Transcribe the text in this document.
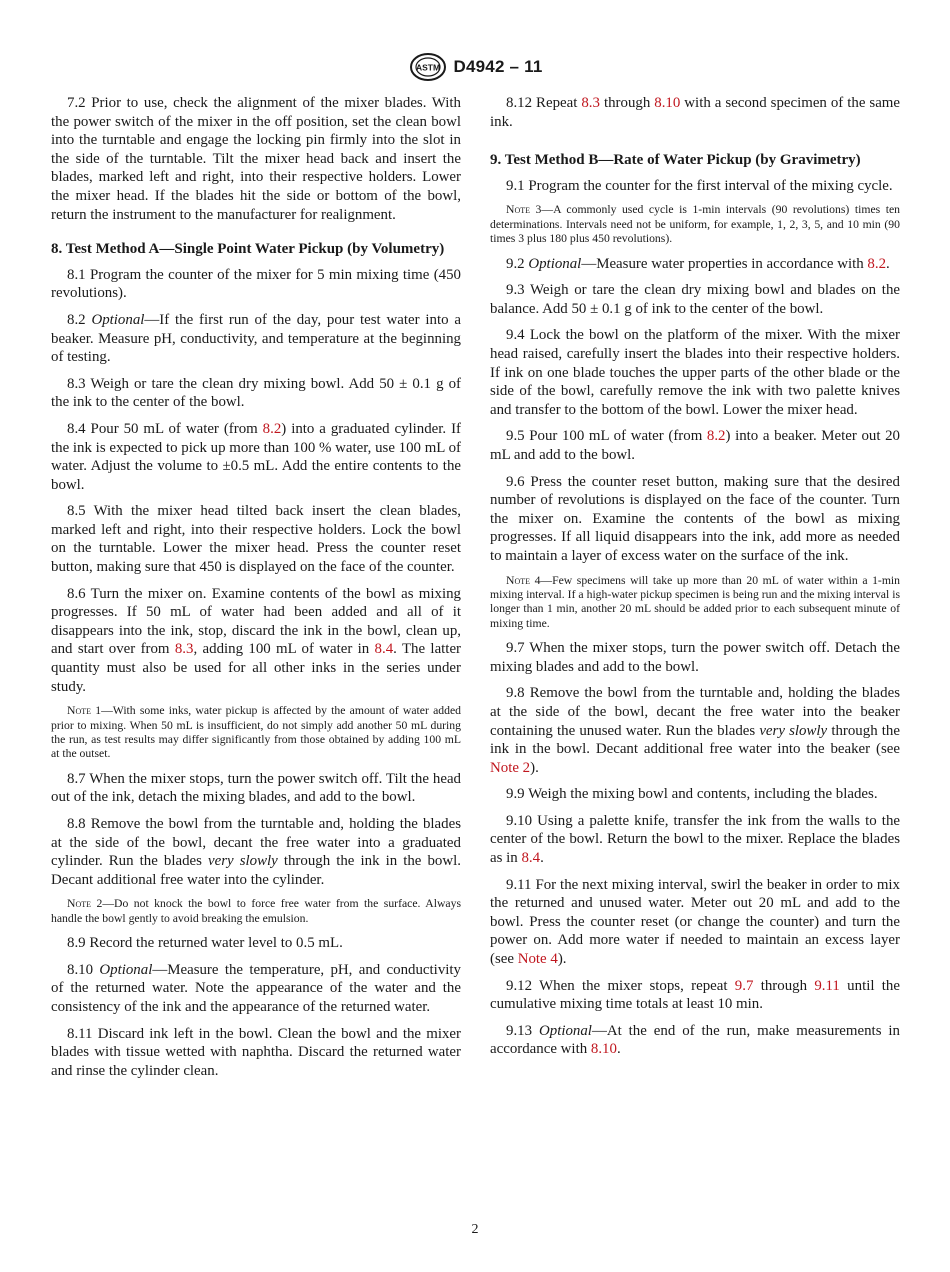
ASTM D4942 – 11

7.2 Prior to use, check the alignment of the mixer blades. With the power switch of the mixer in the off position, set the clean bowl into the turntable and engage the locking pin firmly into the slot in the side of the turntable. Tilt the mixer head back and insert the blades, marked left and right, into their respective holders. Lower the mixer head. If the blades hit the side or bottom of the bowl, return the instrument to the manufacturer for realignment.

8. Test Method A—Single Point Water Pickup (by Volumetry)

8.1 Program the counter of the mixer for 5 min mixing time (450 revolutions).

8.2 Optional—If the first run of the day, pour test water into a beaker. Measure pH, conductivity, and temperature at the beginning of testing.

8.3 Weigh or tare the clean dry mixing bowl. Add 50 ± 0.1 g of the ink to the center of the bowl.

8.4 Pour 50 mL of water (from 8.2) into a graduated cylinder. If the ink is expected to pick up more than 100 % water, use 100 mL of water. Adjust the volume to ±0.5 mL. Add the entire contents to the bowl.

8.5 With the mixer head tilted back insert the clean blades, marked left and right, into their respective holders. Lock the bowl on the turntable. Lower the mixer head. Press the counter reset button, making sure that 450 is displayed on the face of the counter.

8.6 Turn the mixer on. Examine contents of the bowl as mixing progresses. If 50 mL of water had been added and all of it disappears into the ink, stop, discard the ink in the bowl, clean up, and start over from 8.3, adding 100 mL of water in 8.4. The latter quantity must also be used for all other inks in the series under study.

Note 1—With some inks, water pickup is affected by the amount of water added prior to mixing. When 50 mL is insufficient, do not simply add another 50 mL during the run, as test results may differ significantly from those obtained by adding 100 mL at the outset.

8.7 When the mixer stops, turn the power switch off. Tilt the head out of the ink, detach the mixing blades, and add to the bowl.

8.8 Remove the bowl from the turntable and, holding the blades at the side of the bowl, decant the free water into a graduated cylinder. Run the blades very slowly through the ink in the bowl. Decant additional free water into the cylinder.

Note 2—Do not knock the bowl to force free water from the surface. Always handle the bowl gently to avoid breaking the emulsion.

8.9 Record the returned water level to 0.5 mL.

8.10 Optional—Measure the temperature, pH, and conductivity of the returned water. Note the appearance of the water and the consistency of the ink and the appearance of the returned water.

8.11 Discard ink left in the bowl. Clean the bowl and the mixer blades with tissue wetted with naphtha. Discard the returned water and rinse the cylinder clean.

8.12 Repeat 8.3 through 8.10 with a second specimen of the same ink.

9. Test Method B—Rate of Water Pickup (by Gravimetry)

9.1 Program the counter for the first interval of the mixing cycle.

Note 3—A commonly used cycle is 1-min intervals (90 revolutions) times ten determinations. Intervals need not be uniform, for example, 1, 2, 3, 5, and 10 min (90 times 3 plus 180 plus 450 revolutions).

9.2 Optional—Measure water properties in accordance with 8.2.

9.3 Weigh or tare the clean dry mixing bowl and blades on the balance. Add 50 ± 0.1 g of ink to the center of the bowl.

9.4 Lock the bowl on the platform of the mixer. With the mixer head raised, carefully insert the blades into their respective holders. If ink on one blade touches the upper parts of the other blade or the side of the bowl, carefully remove the ink with two palette knives and transfer to the bottom of the bowl. Lower the mixer head.

9.5 Pour 100 mL of water (from 8.2) into a beaker. Meter out 20 mL and add to the bowl.

9.6 Press the counter reset button, making sure that the desired number of revolutions is displayed on the face of the counter. Turn the mixer on. Examine the contents of the bowl as mixing progresses. If all liquid disappears into the ink, add more as needed to maintain a layer of excess water on the surface of the ink.

Note 4—Few specimens will take up more than 20 mL of water within a 1-min mixing interval. If a high-water pickup specimen is being run and the mixing interval is longer than 1 min, another 20 mL should be added prior to each subsequent minute of mixing time.

9.7 When the mixer stops, turn the power switch off. Detach the mixing blades and add to the bowl.

9.8 Remove the bowl from the turntable and, holding the blades at the side of the bowl, decant the free water into the beaker containing the unused water. Run the blades very slowly through the ink in the bowl. Decant additional free water into the beaker (see Note 2).

9.9 Weigh the mixing bowl and contents, including the blades.

9.10 Using a palette knife, transfer the ink from the walls to the center of the bowl. Return the bowl to the mixer. Replace the blades as in 8.4.

9.11 For the next mixing interval, swirl the beaker in order to mix the returned and unused water. Meter out 20 mL and add to the bowl. Press the counter reset (or change the counter) and turn the power on. Add more water if needed to maintain an excess layer (see Note 4).

9.12 When the mixer stops, repeat 9.7 through 9.11 until the cumulative mixing time totals at least 10 min.

9.13 Optional—At the end of the run, make measurements in accordance with 8.10.

2
